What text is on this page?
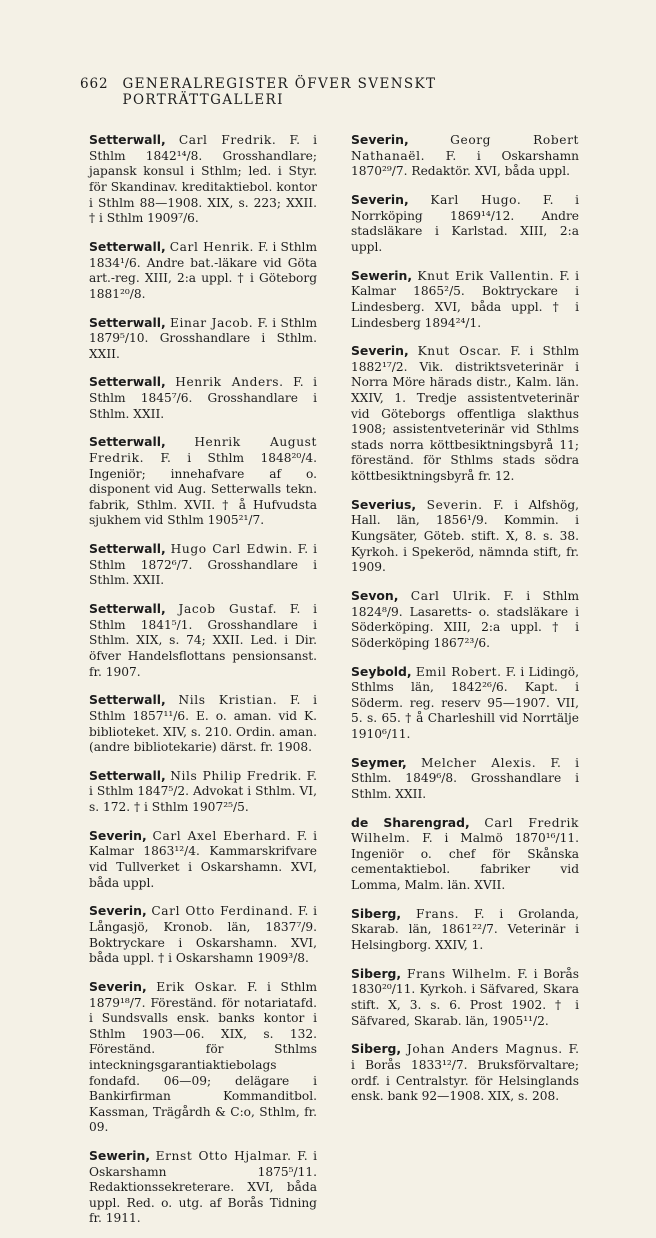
662 GENERALREGISTER ÖFVER SVENSKT PORTRÄTTGALLERI

Setterwall, Carl Fredrik. F. i Sthlm 1842¹⁴/8. Grosshandlare; japansk konsul i Sthlm; led. i Styr. för Skandinav. kreditaktiebol. kontor i Sthlm 88—1908. XIX, s. 223; XXII. † i Sthlm 1909⁷/6.

Setterwall, Carl Henrik. F. i Sthlm 1834¹/6. Andre bat.-läkare vid Göta art.-reg. XIII, 2:a uppl. † i Göteborg 1881²⁰/8.

Setterwall, Einar Jacob. F. i Sthlm 1879⁵/10. Grosshandlare i Sthlm. XXII.

Setterwall, Henrik Anders. F. i Sthlm 1845⁷/6. Grosshandlare i Sthlm. XXII.

Setterwall, Henrik August Fredrik. F. i Sthlm 1848²⁰/4. Ingeniör; innehafvare af o. disponent vid Aug. Setterwalls tekn. fabrik, Sthlm. XVII. † å Hufvudsta sjukhem vid Sthlm 1905²¹/7.

Setterwall, Hugo Carl Edwin. F. i Sthlm 1872⁶/7. Grosshandlare i Sthlm. XXII.

Setterwall, Jacob Gustaf. F. i Sthlm 1841⁵/1. Grosshandlare i Sthlm. XIX, s. 74; XXII. Led. i Dir. öfver Handelsflottans pensionsanst. fr. 1907.

Setterwall, Nils Kristian. F. i Sthlm 1857¹¹/6. E. o. aman. vid K. biblioteket. XIV, s. 210. Ordin. aman. (andre bibliotekarie) därst. fr. 1908.

Setterwall, Nils Philip Fredrik. F. i Sthlm 1847⁵/2. Advokat i Sthlm. VI, s. 172. † i Sthlm 1907²⁵/5.

Severin, Carl Axel Eberhard. F. i Kalmar 1863¹²/4. Kammarskrifvare vid Tullverket i Oskarshamn. XVI, båda uppl.

Severin, Carl Otto Ferdinand. F. i Långasjö, Kronob. län, 1837⁷/9. Boktryckare i Oskarshamn. XVI, båda uppl. † i Oskarshamn 1909³/8.

Severin, Erik Oskar. F. i Sthlm 1879¹⁸/7. Föreständ. för notariatafd. i Sundsvalls ensk. banks kontor i Sthlm 1903—06. XIX, s. 132. Föreständ. för Sthlms inteckningsgarantiaktiebolags fondafd. 06—09; delägare i Bankirfirman Kommanditbol. Kassman, Trägårdh & C:o, Sthlm, fr. 09.

Sewerin, Ernst Otto Hjalmar. F. i Oskarshamn 1875⁵/11. Redaktionssekreterare. XVI, båda uppl. Red. o. utg. af Borås Tidning fr. 1911.

Severin,	Georg Robert Nathanaël. F. i Oskarshamn 1870²⁹/7. Redaktör. XVI, båda uppl.

Severin, Karl Hugo. F. i Norrköping 1869¹⁴/12. Andre stadsläkare i Karlstad. XIII, 2:a uppl.

Sewerin, Knut Erik Vallentin. F. i Kalmar 1865²/5. Boktryckare i Lindesberg. XVI, båda uppl. † i Lindesberg 1894²⁴/1.

Severin, Knut Oscar. F. i Sthlm 1882¹⁷/2. Vik. distriktsveterinär i Norra Möre härads distr., Kalm. län. XXIV, 1. Tredje assistentveterinär vid Göteborgs offentliga slakthus 1908; assistentveterinär vid Sthlms stads norra köttbesiktningsbyrå 11; föreständ. för Sthlms stads södra köttbesiktningsbyrå fr. 12.

Severius, Severin. F. i Alfshög, Hall. län, 1856¹/9. Kommin. i Kungsäter, Göteb. stift. X, 8. s. 38. Kyrkoh. i Spekeröd, nämnda stift, fr. 1909.

Sevon, Carl Ulrik. F. i Sthlm 1824⁸/9. Lasaretts- o. stadsläkare i Söderköping. XIII, 2:a uppl. † i Söderköping 1867²³/6.

Seybold, Emil Robert. F. i Lidingö, Sthlms län, 1842²⁶/6. Kapt. i Söderm. reg. reserv 95—1907. VII, 5. s. 65. † å Charleshill vid Norrtälje 1910⁶/11.

Seymer, Melcher Alexis. F. i Sthlm. 1849⁶/8. Grosshandlare i Sthlm. XXII.

de Sharengrad, Carl Fredrik Wilhelm. F. i Malmö 1870¹⁶/11. Ingeniör o. chef för Skånska cementaktiebol. fabriker vid Lomma, Malm. län. XVII.

Siberg, Frans. F. i Grolanda, Skarab. län, 1861²²/7. Veterinär i Helsingborg. XXIV, 1.

Siberg, Frans Wilhelm. F. i Borås 1830²⁰/11. Kyrkoh. i Säfvared, Skara stift. X, 3. s. 6. Prost 1902. † i Säfvared, Skarab. län, 1905¹¹/2.

Siberg, Johan Anders Magnus. F. i Borås 1833¹²/7. Bruksförvaltare; ordf. i Centralstyr. för Helsinglands ensk. bank 92—1908. XIX, s. 208.
